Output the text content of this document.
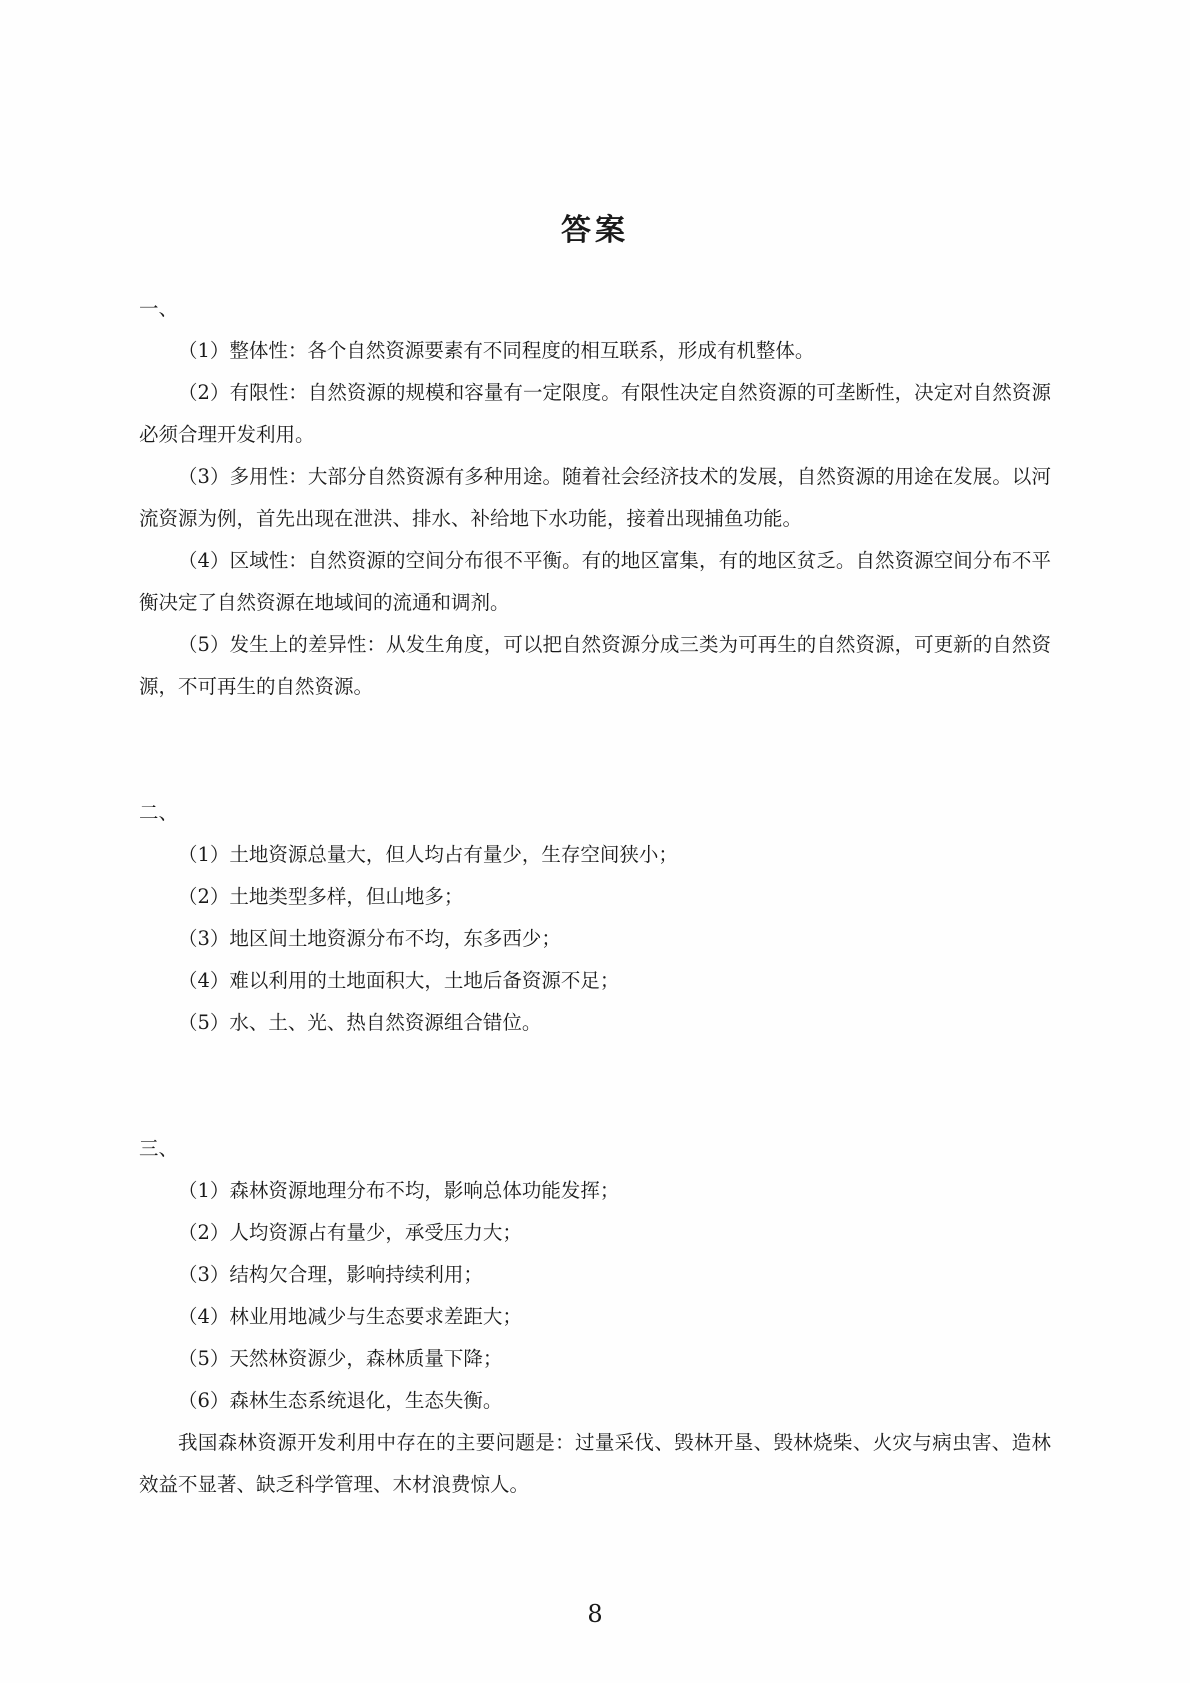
答案
一、

（1）整体性：各个自然资源要素有不同程度的相互联系，形成有机整体。

（2）有限性：自然资源的规模和容量有一定限度。有限性决定自然资源的可垄断性，决定对自然资源必须合理开发利用。

（3）多用性：大部分自然资源有多种用途。随着社会经济技术的发展，自然资源的用途在发展。以河流资源为例，首先出现在泄洪、排水、补给地下水功能，接着出现捕鱼功能。

（4）区域性：自然资源的空间分布很不平衡。有的地区富集，有的地区贫乏。自然资源空间分布不平衡决定了自然资源在地域间的流通和调剂。

（5）发生上的差异性：从发生角度，可以把自然资源分成三类为可再生的自然资源，可更新的自然资源，不可再生的自然资源。

二、

（1）土地资源总量大，但人均占有量少，生存空间狭小；

（2）土地类型多样，但山地多；

（3）地区间土地资源分布不均，东多西少；

（4）难以利用的土地面积大，土地后备资源不足；

（5）水、土、光、热自然资源组合错位。

三、

（1）森林资源地理分布不均，影响总体功能发挥；

（2）人均资源占有量少，承受压力大；

（3）结构欠合理，影响持续利用；

（4）林业用地减少与生态要求差距大；

（5）天然林资源少，森林质量下降；

（6）森林生态系统退化，生态失衡。

我国森林资源开发利用中存在的主要问题是：过量采伐、毁林开垦、毁林烧柴、火灾与病虫害、造林效益不显著、缺乏科学管理、木材浪费惊人。

8
